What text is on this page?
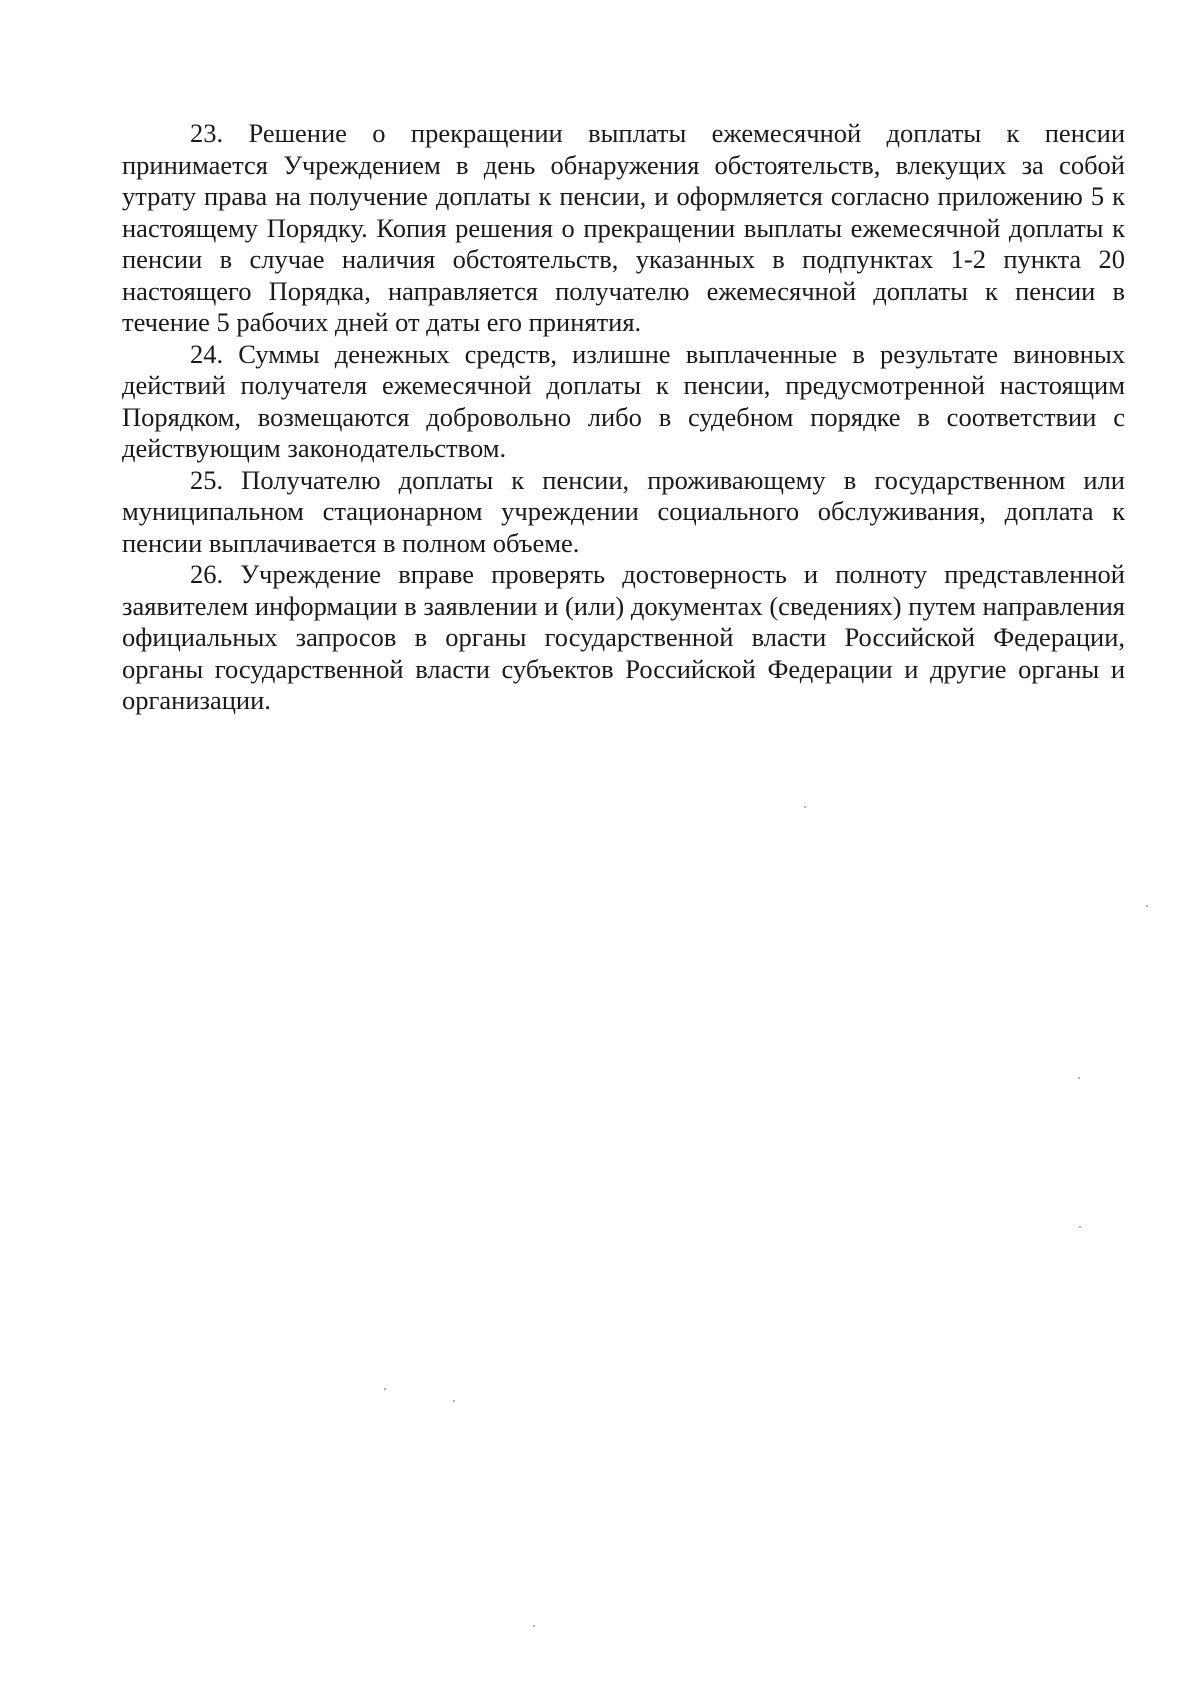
23. Решение о прекращении выплаты ежемесячной доплаты к пенсии принимается Учреждением в день обнаружения обстоятельств, влекущих за собой утрату права на получение доплаты к пенсии, и оформляется согласно приложению 5 к настоящему Порядку. Копия решения о прекращении выплаты ежемесячной доплаты к пенсии в случае наличия обстоятельств, указанных в подпунктах 1-2 пункта 20 настоящего Порядка, направляется получателю ежемесячной доплаты к пенсии в течение 5 рабочих дней от даты его принятия.

24. Суммы денежных средств, излишне выплаченные в результате виновных действий получателя ежемесячной доплаты к пенсии, предусмотренной настоящим Порядком, возмещаются добровольно либо в судебном порядке в соответствии с действующим законодательством.

25. Получателю доплаты к пенсии, проживающему в государственном или муниципальном стационарном учреждении социального обслуживания, доплата к пенсии выплачивается в полном объеме.

26. Учреждение вправе проверять достоверность и полноту представленной заявителем информации в заявлении и (или) документах (сведениях) путем направления официальных запросов в органы государственной власти Российской Федерации, органы государственной власти субъектов Российской Федерации и другие органы и организации.
